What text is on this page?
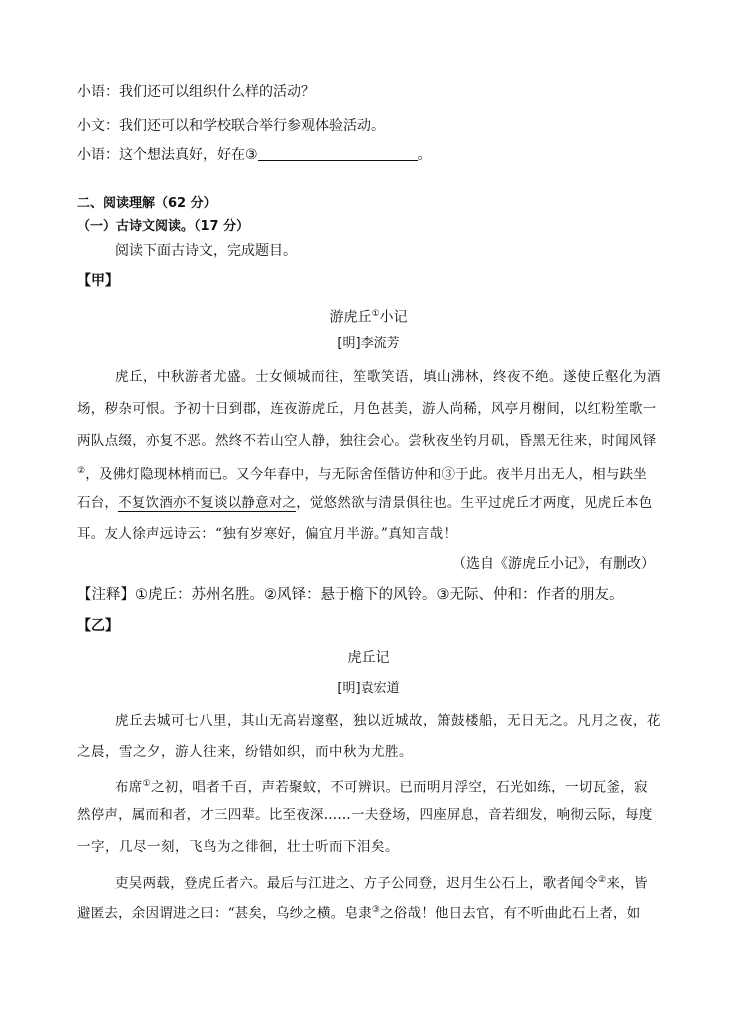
小语：我们还可以组织什么样的活动？
小文：我们还可以和学校联合举行参观体验活动。
小语：这个想法真好，好在③	。
二、阅读理解（62 分）
（一）古诗文阅读。（17 分）
阅读下面古诗文，完成题目。
【甲】
游虎丘①小记
[明]李流芳
虎丘，中秋游者尤盛。士女倾城而往，笙歌笑语，填山沸林，终夜不绝。遂使丘壑化为酒
场，秽杂可恨。予初十日到郡，连夜游虎丘，月色甚美，游人尚稀，风亭月榭间，以红粉笙歌一
两队点缀，亦复不恶。然终不若山空人静，独往会心。尝秋夜坐钓月矶，昏黑无往来，时闻风铎
②，及佛灯隐现林梢而已。又今年春中，与无际舍侄偕访仲和③于此。夜半月出无人，相与趺坐
石台，不复饮酒亦不复谈以静意对之，觉悠然欲与清景俱往也。生平过虎丘才两度，见虎丘本色
耳。友人徐声远诗云：“独有岁寒好，偏宜月半游。”真知言哉！
（选自《游虎丘小记》，有删改）
【注释】①虎丘：苏州名胜。②风铎：悬于檐下的风铃。③无际、仲和：作者的朋友。
【乙】
虎丘记
[明]袁宏道
虎丘去城可七八里，其山无高岩邃壑，独以近城故，箫鼓楼船，无日无之。凡月之夜，花
之晨，雪之夕，游人往来，纷错如织，而中秋为尤胜。
布席①之初，唱者千百，声若聚蚊，不可辨识。已而明月浮空，石光如练，一切瓦釜，寂
然停声，属而和者，才三四辈。比至夜深……一夫登场，四座屏息，音若细发，响彻云际，每度
一字，几尽一刻，飞鸟为之徘徊，壮士听而下泪矣。
吏吴两载，登虎丘者六。最后与江进之、方子公同登，迟月生公石上，歌者闻令②来，皆
避匿去，余因谓进之曰：“甚矣，乌纱之横。皂隶③之俗哉！他日去官，有不听曲此石上者，如
